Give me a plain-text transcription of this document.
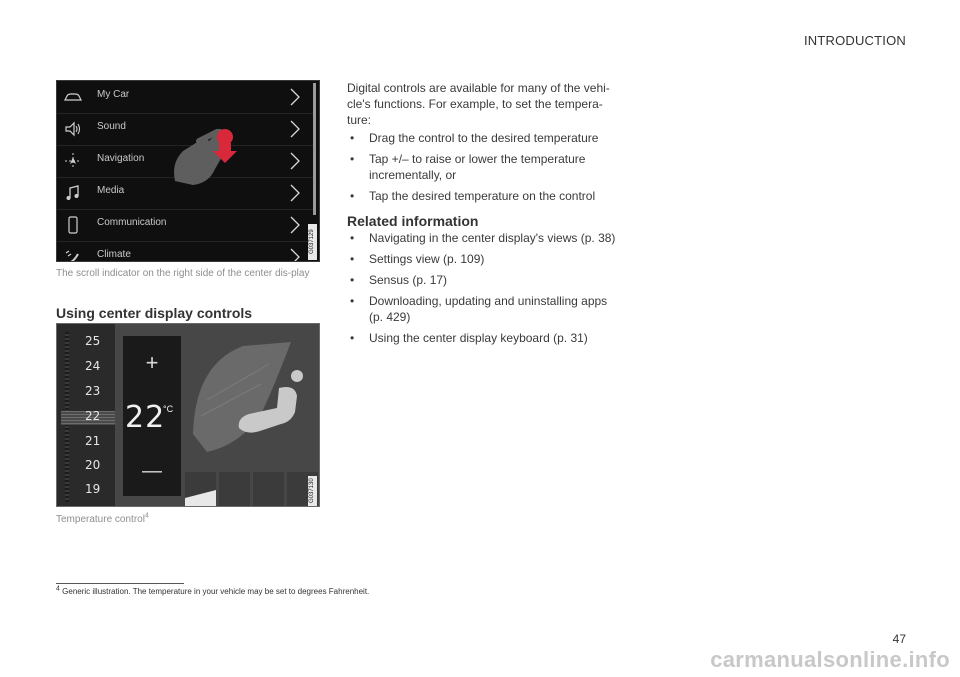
INTRODUCTION
My Car
Sound
Navigation
Media
Communication
Climate
G037129
The scroll indicator on the right side of the center dis-play
Using center display controls
25
24
23
22
21
20
19
+
22
°C
—
G037130
Temperature control$^4$
Digital controls are available for many of the vehi-cle's functions. For example, to set the tempera-ture:
• Drag the control to the desired temperature
• Tap +/– to raise or lower the temperature incrementally, or
• Tap the desired temperature on the control
Related information
• Navigating in the center display's views (p. 38)
• Settings view (p. 109)
• Sensus (p. 17)
• Downloading, updating and uninstalling apps (p. 429)
• Using the center display keyboard (p. 31)
$^4$ Generic illustration. The temperature in your vehicle may be set to degrees Fahrenheit.
47
carmanualsonline.info
